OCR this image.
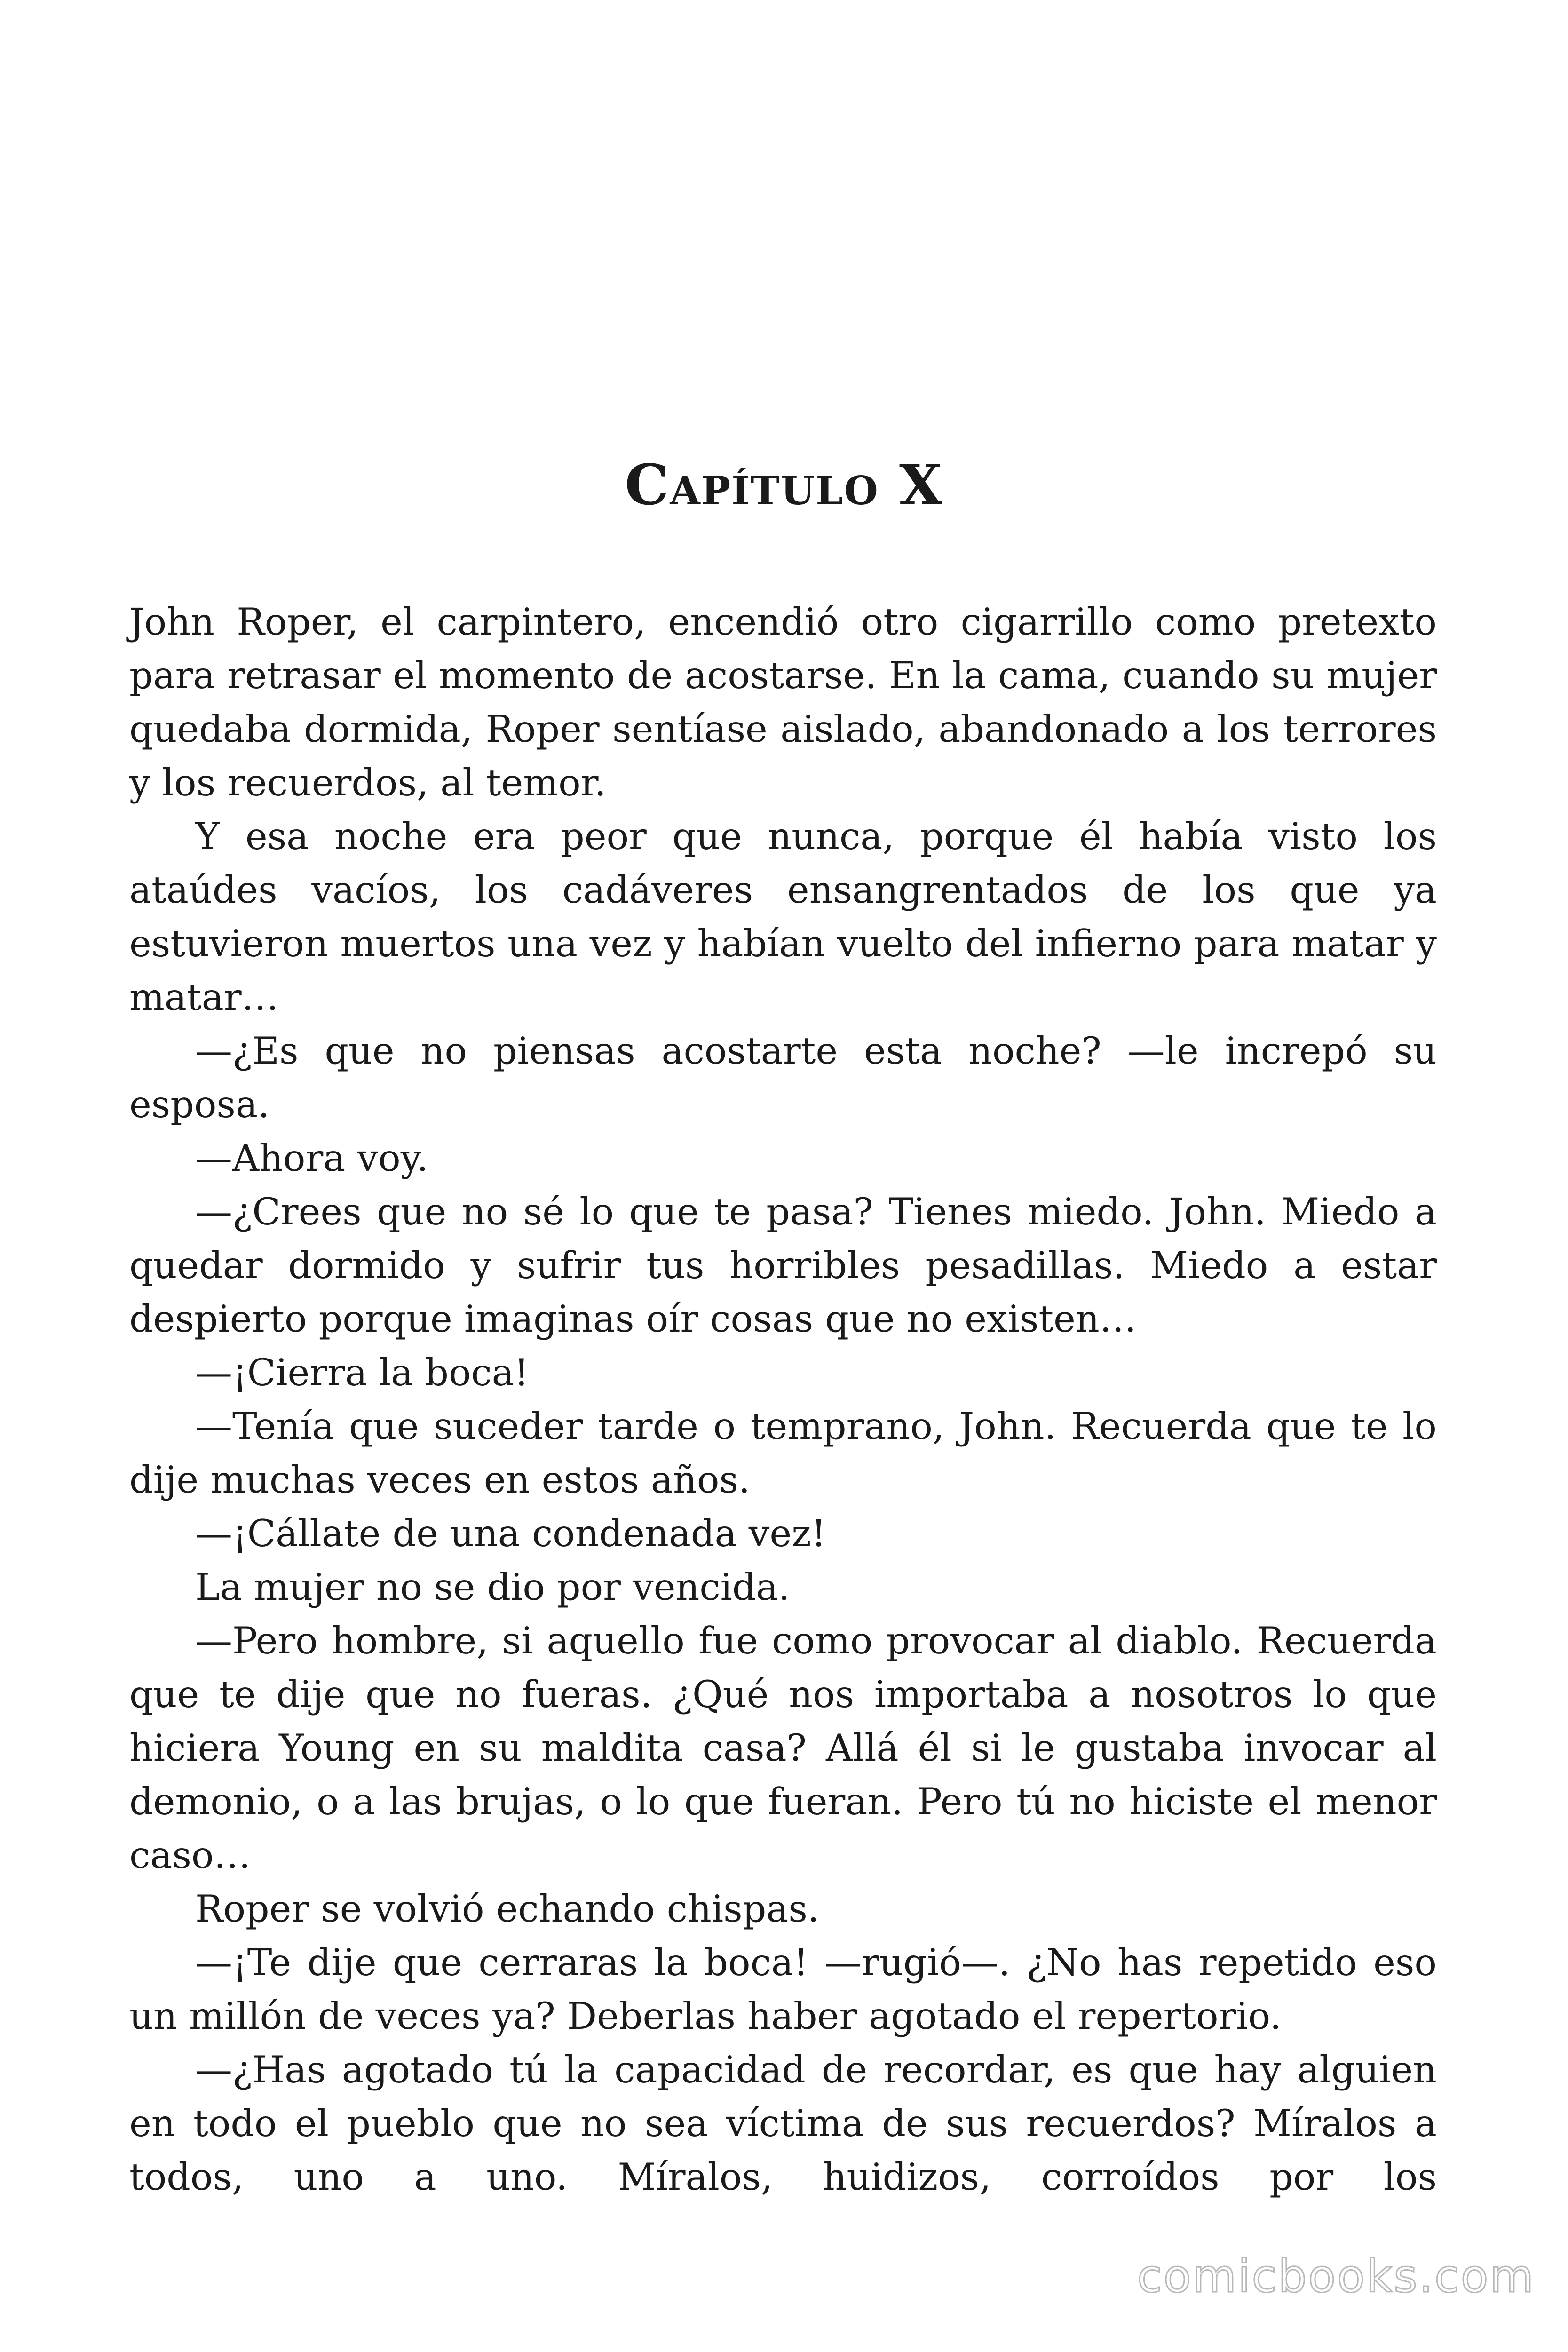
Capítulo X

John Roper, el carpintero, encendió otro cigarrillo como pretexto para retrasar el momento de acostarse. En la cama, cuando su mujer quedaba dormida, Roper sentíase aislado, abandonado a los terrores y los recuerdos, al temor.

Y esa noche era peor que nunca, porque él había visto los ataúdes vacíos, los cadáveres ensangrentados de los que ya estuvieron muertos una vez y habían vuelto del infierno para matar y matar…

—¿Es que no piensas acostarte esta noche? —le increpó su esposa.

—Ahora voy.

—¿Crees que no sé lo que te pasa? Tienes miedo. John. Miedo a quedar dormido y sufrir tus horribles pesadillas. Miedo a estar despierto porque imaginas oír cosas que no existen…

—¡Cierra la boca!

—Tenía que suceder tarde o temprano, John. Recuerda que te lo dije muchas veces en estos años.

—¡Cállate de una condenada vez!

La mujer no se dio por vencida.

—Pero hombre, si aquello fue como provocar al diablo. Recuerda que te dije que no fueras. ¿Qué nos importaba a nosotros lo que hiciera Young en su maldita casa? Allá él si le gustaba invocar al demonio, o a las brujas, o lo que fueran. Pero tú no hiciste el menor caso…

Roper se volvió echando chispas.

—¡Te dije que cerraras la boca! —rugió—. ¿No has repetido eso un millón de veces ya? Deberlas haber agotado el repertorio.

—¿Has agotado tú la capacidad de recordar, es que hay alguien en todo el pueblo que no sea víctima de sus recuerdos? Míralos a todos, uno a uno. Míralos, huidizos, corroídos por los

comicbooks.com
